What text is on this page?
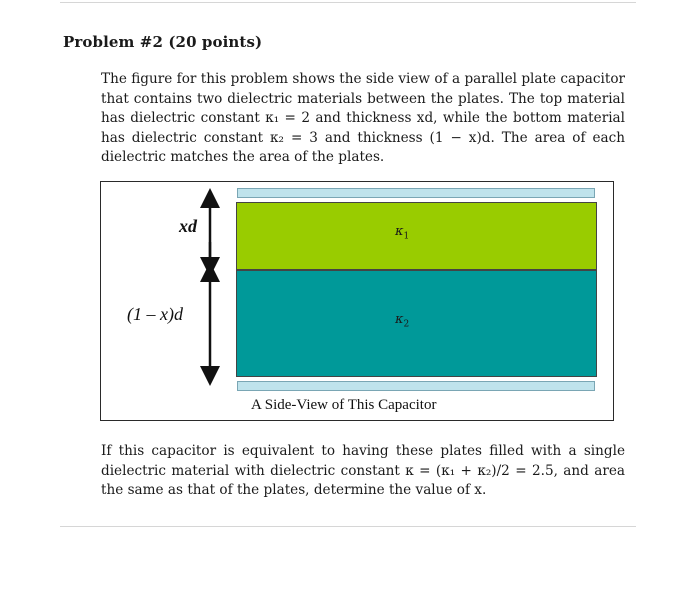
Problem #2 (20 points)
The figure for this problem shows the side view of a parallel plate capacitor
that contains two dielectric materials between the plates. The top material
has dielectric constant κ₁ = 2 and thickness xd, while the bottom material
has dielectric constant κ₂ = 3 and thickness (1 − x)d. The area of each
dielectric matches the area of the plates.
xd
(1 – x)d
$\kappa_1$
$\kappa_2$
A Side-View of This Capacitor
If this capacitor is equivalent to having these plates filled with a single
dielectric material with dielectric constant κ = (κ₁ + κ₂)/2 = 2.5, and area
the same as that of the plates, determine the value of x.
